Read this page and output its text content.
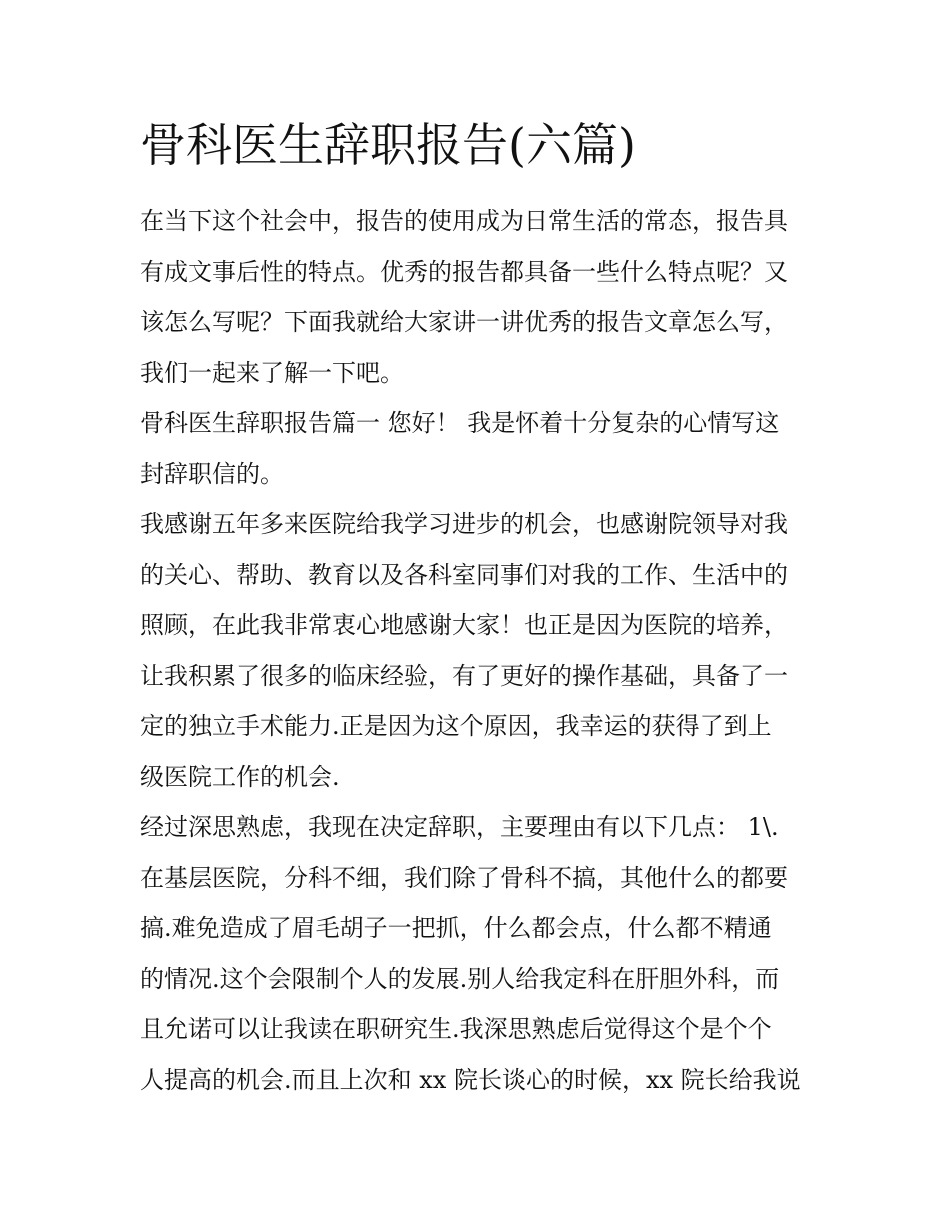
骨科医生辞职报告(六篇)
在当下这个社会中，报告的使用成为日常生活的常态，报告具
有成文事后性的特点。优秀的报告都具备一些什么特点呢？又
该怎么写呢？下面我就给大家讲一讲优秀的报告文章怎么写，
我们一起来了解一下吧。
骨科医生辞职报告篇一 您好！ 我是怀着十分复杂的心情写这
封辞职信的。
我感谢五年多来医院给我学习进步的机会，也感谢院领导对我
的关心、帮助、教育以及各科室同事们对我的工作、生活中的
照顾，在此我非常衷心地感谢大家！也正是因为医院的培养，
让我积累了很多的临床经验，有了更好的操作基础，具备了一
定的独立手术能力.正是因为这个原因，我幸运的获得了到上
级医院工作的机会.
经过深思熟虑，我现在决定辞职，主要理由有以下几点： 1\.
在基层医院，分科不细，我们除了骨科不搞，其他什么的都要
搞.难免造成了眉毛胡子一把抓，什么都会点，什么都不精通
的情况.这个会限制个人的发展.别人给我定科在肝胆外科，而
且允诺可以让我读在职研究生.我深思熟虑后觉得这个是个个
人提高的机会.而且上次和 xx 院长谈心的时候，xx 院长给我说
